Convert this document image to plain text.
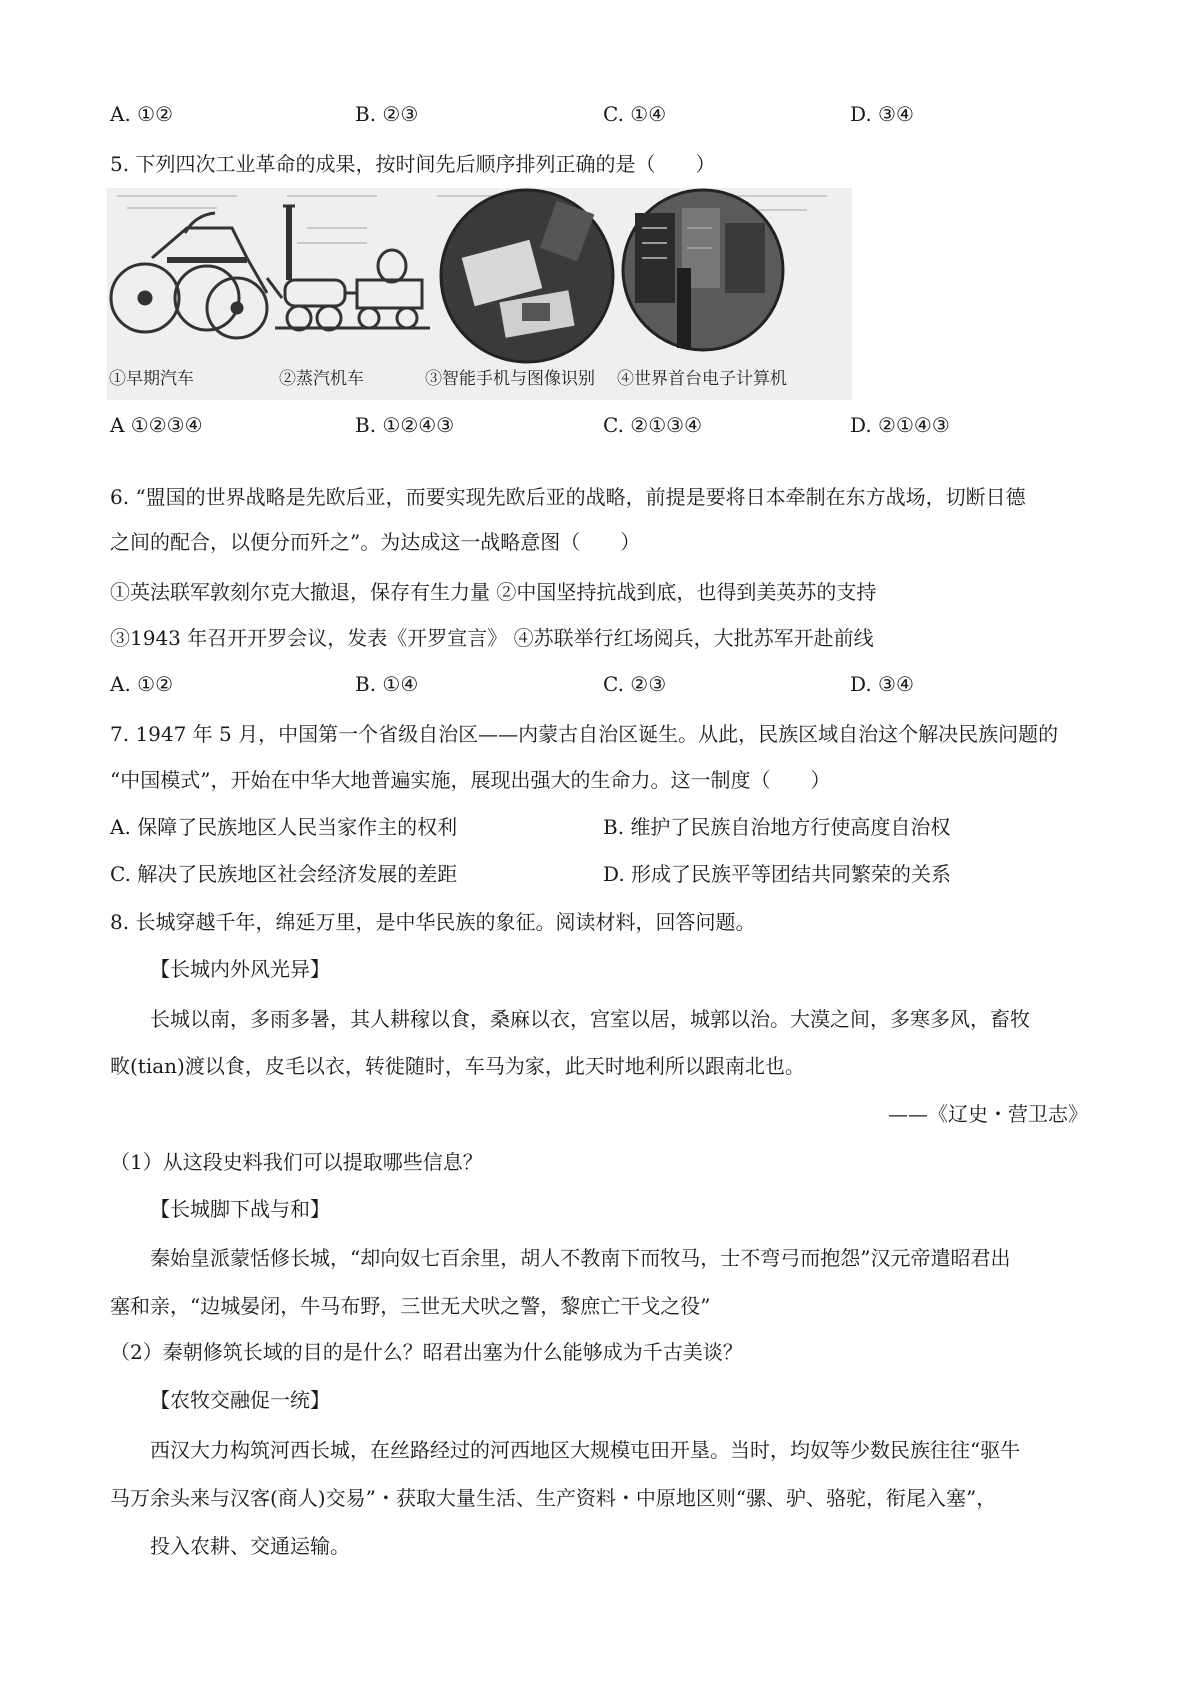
A. ①②	B. ②③	C. ①④	D. ③④
5. 下列四次工业革命的成果，按时间先后顺序排列正确的是（　　）
①早期汽车	②蒸汽机车	③智能手机与图像识别 ④世界首台电子计算机
A ①②③④	B. ①②④③	C. ②①③④	D. ②①④③
6. “盟国的世界战略是先欧后亚，而要实现先欧后亚的战略，前提是要将日本牵制在东方战场，切断日德
之间的配合，以便分而歼之”。为达成这一战略意图（　　）
①英法联军敦刻尔克大撤退，保存有生力量 ②中国坚持抗战到底，也得到美英苏的支持
③1943 年召开开罗会议，发表《开罗宣言》 ④苏联举行红场阅兵，大批苏军开赴前线
A. ①②	B. ①④	C. ②③	D. ③④
7. 1947 年 5 月，中国第一个省级自治区——内蒙古自治区诞生。从此，民族区域自治这个解决民族问题的
“中国模式”，开始在中华大地普遍实施，展现出强大的生命力。这一制度（　　）
A. 保障了民族地区人民当家作主的权利	B. 维护了民族自治地方行使高度自治权
C. 解决了民族地区社会经济发展的差距	D. 形成了民族平等团结共同繁荣的关系
8. 长城穿越千年，绵延万里，是中华民族的象征。阅读材料，回答问题。
【长城内外风光异】
长城以南，多雨多暑，其人耕稼以食，桑麻以衣，宫室以居，城郭以治。大漠之间，多寒多风，畜牧
畋(tian)渡以食，皮毛以衣，转徙随时，车马为家，此天时地利所以跟南北也。
——《辽史・营卫志》
（1）从这段史料我们可以提取哪些信息？
【长城脚下战与和】
秦始皇派蒙恬修长城，“却向奴七百余里，胡人不教南下而牧马，士不弯弓而抱怨”汉元帝遣昭君出
塞和亲，“边城晏闭，牛马布野，三世无犬吠之警，黎庶亡干戈之役”
（2）秦朝修筑长域的目的是什么？昭君出塞为什么能够成为千古美谈？
【农牧交融促一统】
西汉大力构筑河西长城，在丝路经过的河西地区大规模屯田开垦。当时，均奴等少数民族往往“驱牛
马万余头来与汉客(商人)交易”・获取大量生活、生产资料・中原地区则“骡、驴、骆驼，衔尾入塞”，
投入农耕、交通运输。
